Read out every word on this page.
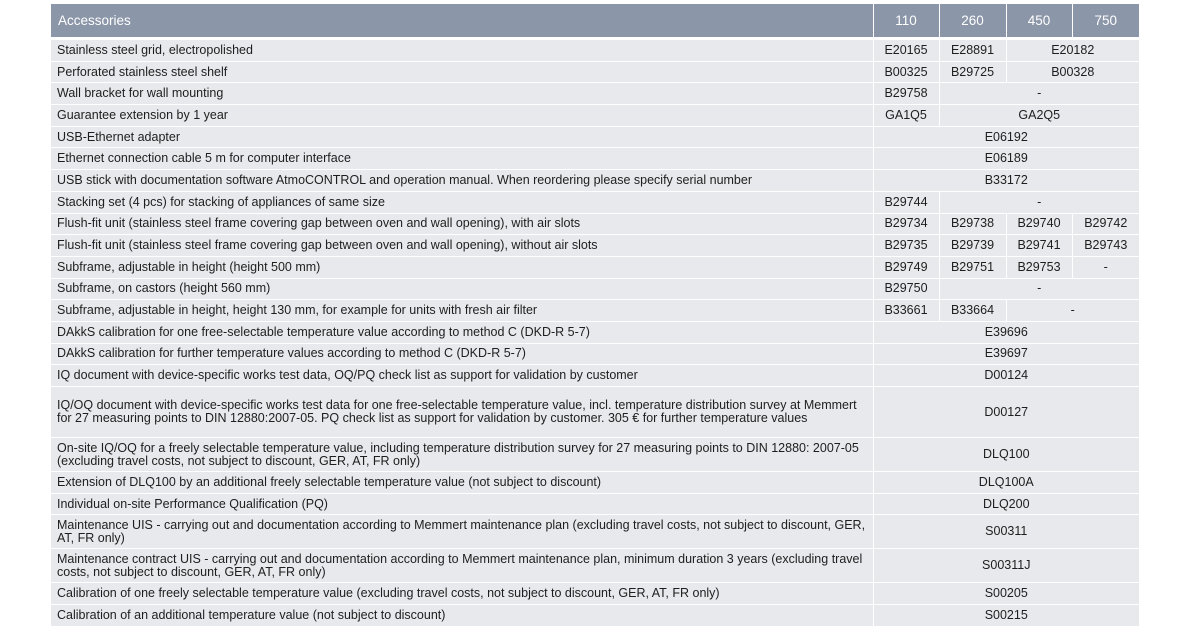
Accessories	110	260	450	750
Stainless steel grid, electropolished	E20165	E28891	E20182	
Perforated stainless steel shelf	B00325	B29725	B00328	
Wall bracket for wall mounting	B29758	-		
Guarantee extension by 1 year	GA1Q5	GA2Q5		
USB-Ethernet adapter	E06192			
Ethernet connection cable 5 m for computer interface	E06189			
USB stick with documentation software AtmoCONTROL and operation manual. When reordering please specify serial number	B33172			
Stacking set (4 pcs) for stacking of appliances of same size	B29744	-		
Flush-fit unit (stainless steel frame covering gap between oven and wall opening), with air slots	B29734	B29738	B29740	B29742
Flush-fit unit (stainless steel frame covering gap between oven and wall opening), without air slots	B29735	B29739	B29741	B29743
Subframe, adjustable in height (height 500 mm)	B29749	B29751	B29753	-
Subframe, on castors (height 560 mm)	B29750	-		
Subframe, adjustable in height, height 130 mm, for example for units with fresh air filter	B33661	B33664	-	
DAkkS calibration for one free-selectable temperature value according to method C (DKD-R 5-7)	E39696			
DAkkS calibration for further temperature values according to method C (DKD-R 5-7)	E39697			
IQ document with device-specific works test data, OQ/PQ check list as support for validation by customer	D00124			
IQ/OQ document with device-specific works test data for one free-selectable temperature value, incl. temperature distribution survey at Memmert for 27 measuring points to DIN 12880:2007-05. PQ check list as support for validation by customer. 305 € for further temperature values	D00127			
On-site IQ/OQ for a freely selectable temperature value, including temperature distribution survey for 27 measuring points to DIN 12880: 2007-05 (excluding travel costs, not subject to discount, GER, AT, FR only)	DLQ100			
Extension of DLQ100 by an additional freely selectable temperature value (not subject to discount)	DLQ100A			
Individual on-site Performance Qualification (PQ)	DLQ200			
Maintenance UIS - carrying out and documentation according to Memmert maintenance plan (excluding travel costs, not subject to discount, GER, AT, FR only)	S00311			
Maintenance contract UIS - carrying out and documentation according to Memmert maintenance plan, minimum duration 3 years (excluding travel costs, not subject to discount, GER, AT, FR only)	S00311J			
Calibration of one freely selectable temperature value (excluding travel costs, not subject to discount, GER, AT, FR only)	S00205			
Calibration of an additional temperature value (not subject to discount)	S00215			
